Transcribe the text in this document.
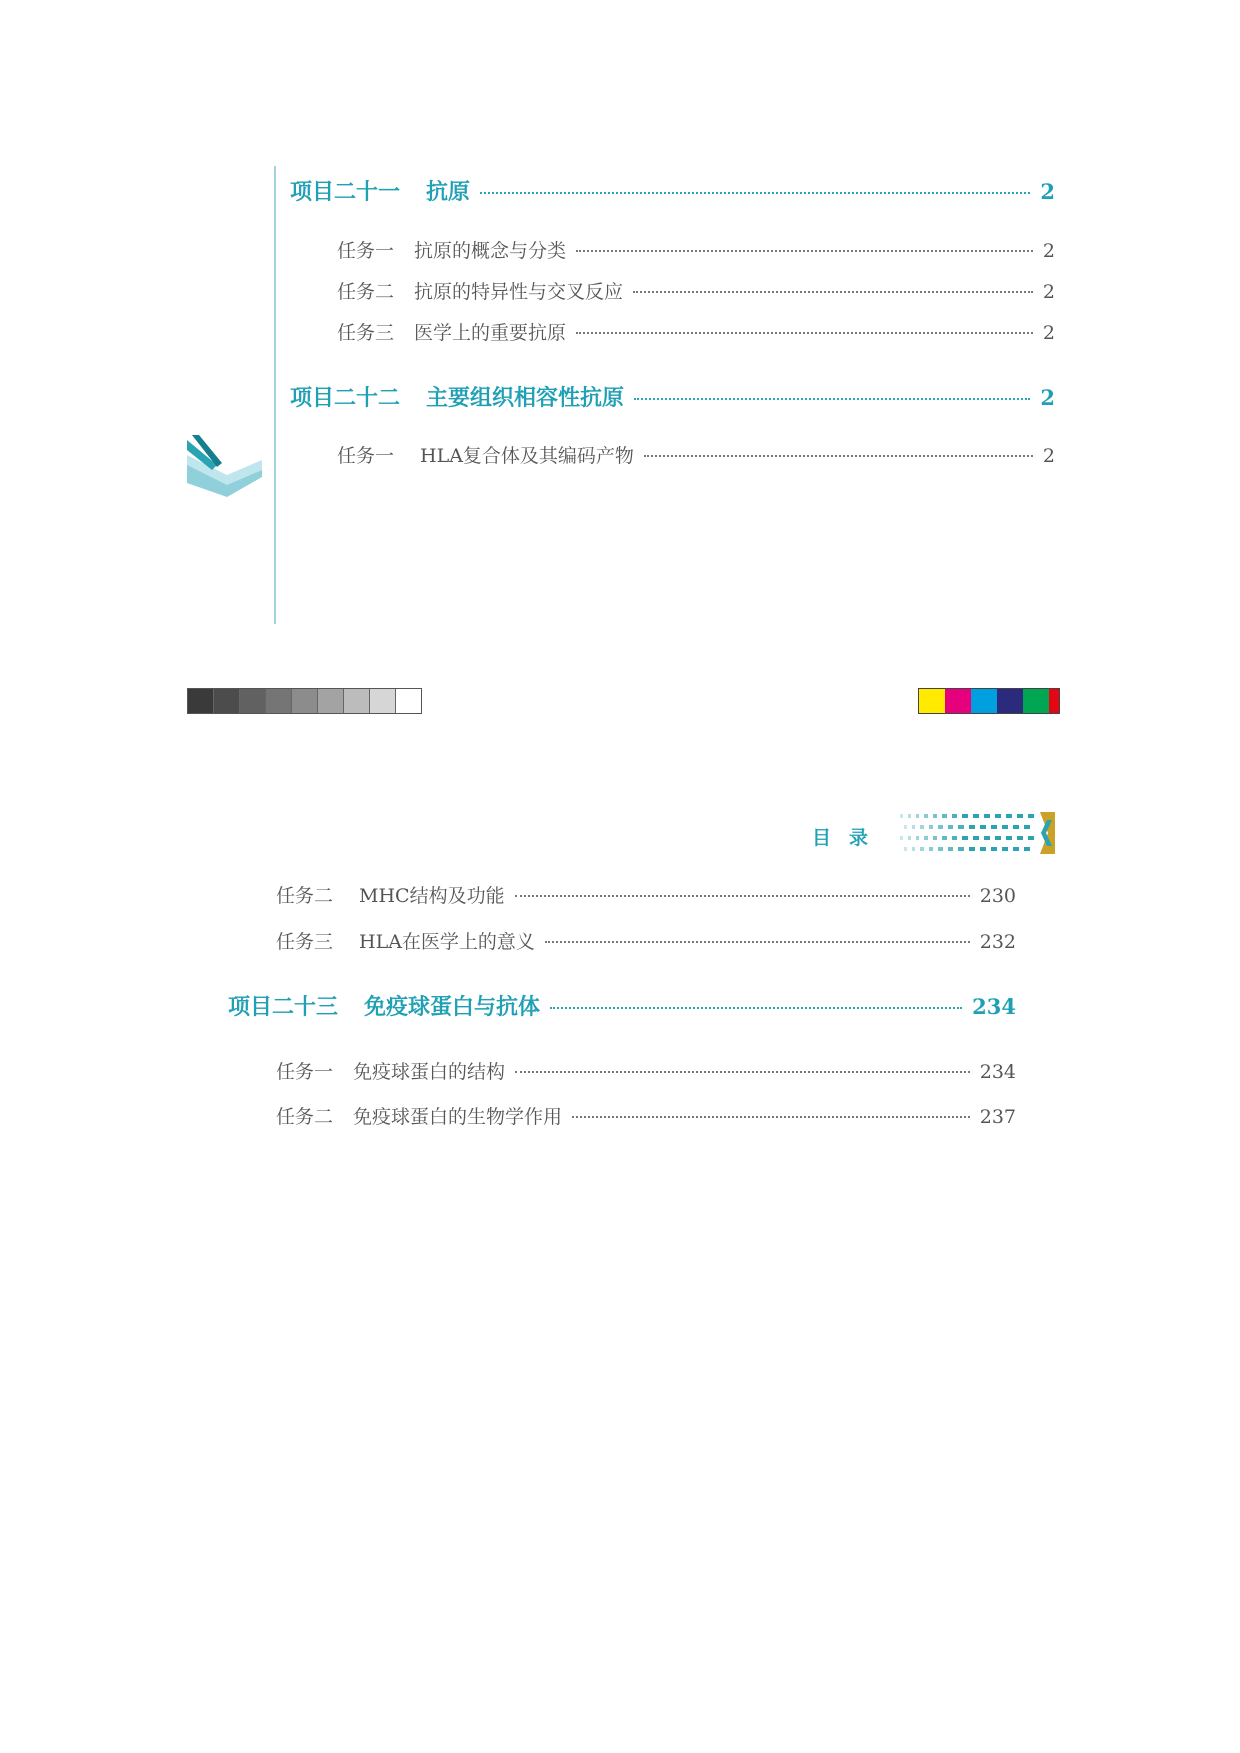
项目二十一 抗原	2
任务一 抗原的概念与分类	2
任务二 抗原的特异性与交叉反应	2
任务三 医学上的重要抗原	2
项目二十二 主要组织相容性抗原	2
任务一 HLA复合体及其编码产物	2
目录
任务二 MHC结构及功能	230
任务三 HLA在医学上的意义	232
项目二十三 免疫球蛋白与抗体	234
任务一 免疫球蛋白的结构	234
任务二 免疫球蛋白的生物学作用	237
